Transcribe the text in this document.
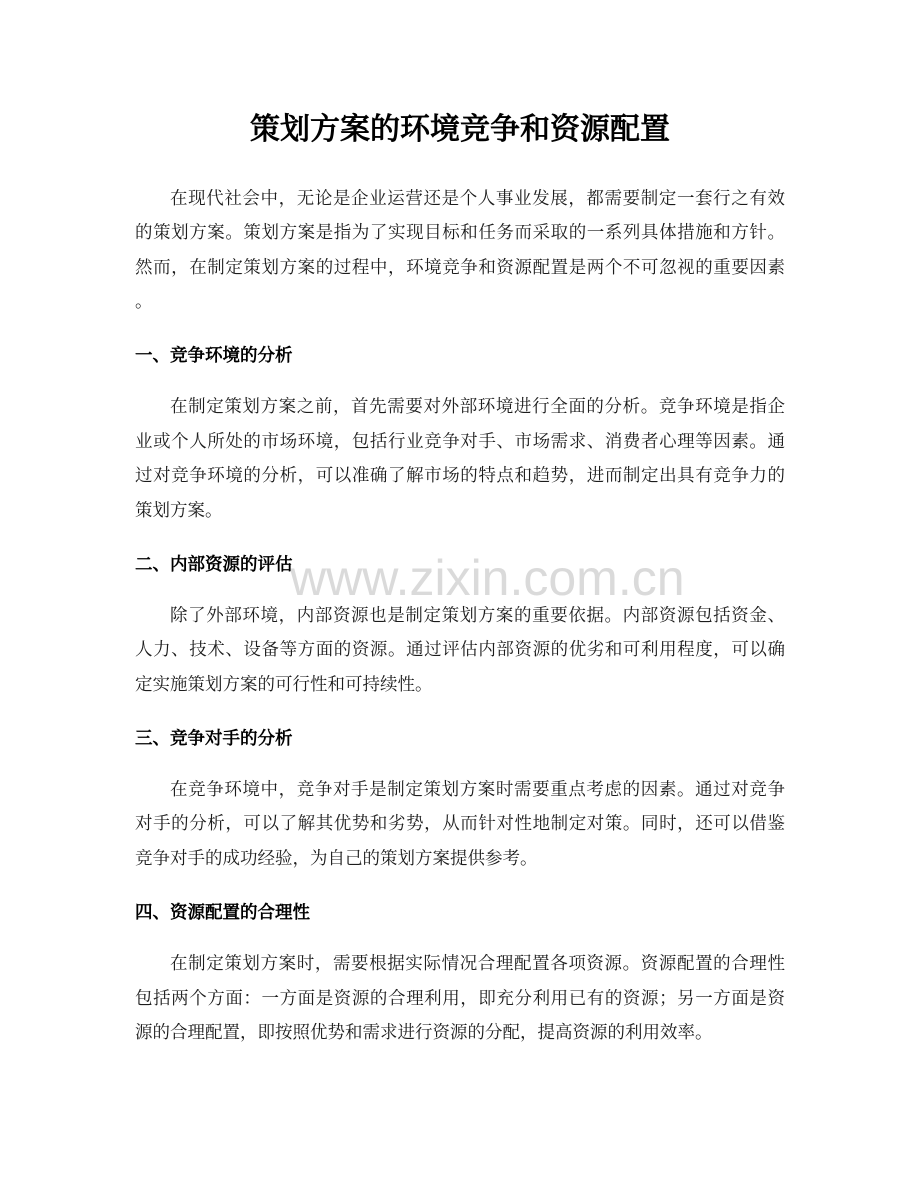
www.zixin.com.cn
策划方案的环境竞争和资源配置
在现代社会中，无论是企业运营还是个人事业发展，都需要制定一套行之有效
的策划方案。策划方案是指为了实现目标和任务而采取的一系列具体措施和方针。
然而，在制定策划方案的过程中，环境竞争和资源配置是两个不可忽视的重要因素
。
一、竞争环境的分析
在制定策划方案之前，首先需要对外部环境进行全面的分析。竞争环境是指企
业或个人所处的市场环境，包括行业竞争对手、市场需求、消费者心理等因素。通
过对竞争环境的分析，可以准确了解市场的特点和趋势，进而制定出具有竞争力的
策划方案。
二、内部资源的评估
除了外部环境，内部资源也是制定策划方案的重要依据。内部资源包括资金、
人力、技术、设备等方面的资源。通过评估内部资源的优劣和可利用程度，可以确
定实施策划方案的可行性和可持续性。
三、竞争对手的分析
在竞争环境中，竞争对手是制定策划方案时需要重点考虑的因素。通过对竞争
对手的分析，可以了解其优势和劣势，从而针对性地制定对策。同时，还可以借鉴
竞争对手的成功经验，为自己的策划方案提供参考。
四、资源配置的合理性
在制定策划方案时，需要根据实际情况合理配置各项资源。资源配置的合理性
包括两个方面：一方面是资源的合理利用，即充分利用已有的资源；另一方面是资
源的合理配置，即按照优势和需求进行资源的分配，提高资源的利用效率。
